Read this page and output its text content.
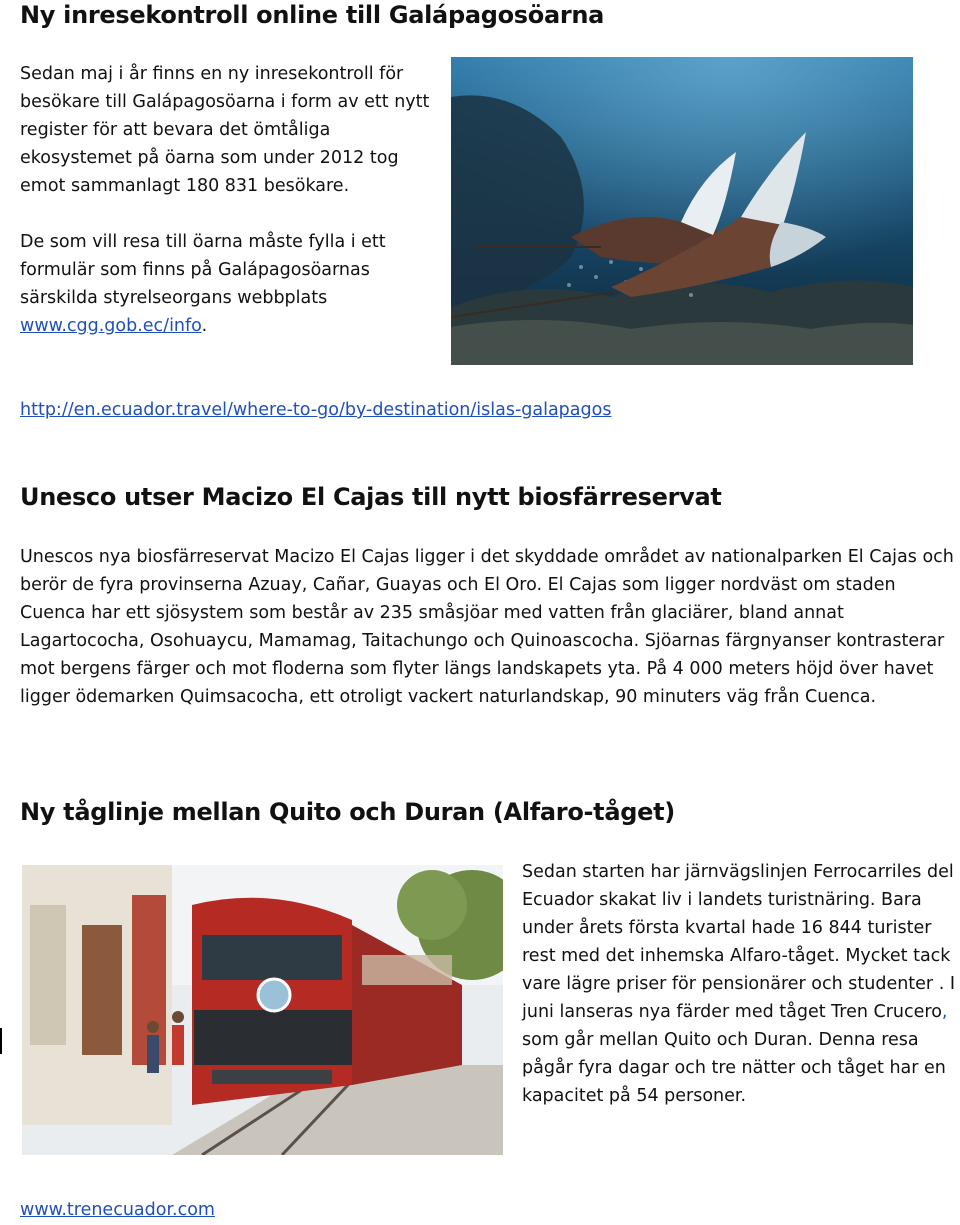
Ny inresekontroll online till Galápagosöarna

Sedan maj i år finns en ny inresekontroll för besökare till Galápagosöarna i form av ett nytt register för att bevara det ömtåliga ekosystemet på öarna som under 2012 tog emot sammanlagt 180 831 besökare.

De som vill resa till öarna måste fylla i ett formulär som finns på Galápagosöarnas särskilda styrelseorgans webbplats www.cgg.gob.ec/info.

http://en.ecuador.travel/where-to-go/by-destination/islas-galapagos
Unesco utser Macizo El Cajas till nytt biosfärreservat

Unescos nya biosfärreservat Macizo El Cajas ligger i det skyddade området av nationalparken El Cajas och berör de fyra provinserna Azuay, Cañar, Guayas och El Oro. El Cajas som ligger nordväst om staden Cuenca har ett sjösystem som består av 235 småsjöar med vatten från glaciärer, bland annat Lagartococha, Osohuaycu, Mamamag, Taitachungo och Quinoascocha. Sjöarnas färgnyanser kontrasterar mot bergens färger och mot floderna som flyter längs landskapets yta. På 4 000 meters höjd över havet ligger ödemarken Quimsacocha, ett otroligt vackert naturlandskap, 90 minuters väg från Cuenca.

Ny tåglinje mellan Quito och Duran (Alfaro-tåget)

Sedan starten har järnvägslinjen Ferrocarriles del Ecuador skakat liv i landets turistnäring. Bara under årets första kvartal hade 16 844 turister rest med det inhemska Alfaro-tåget. Mycket tack vare lägre priser för pensionärer och studenter . I juni lanseras nya färder med tåget Tren Crucero, som går mellan Quito och Duran. Denna resa pågår fyra dagar och tre nätter och tåget har en kapacitet på 54 personer.

www.trenecuador.com
